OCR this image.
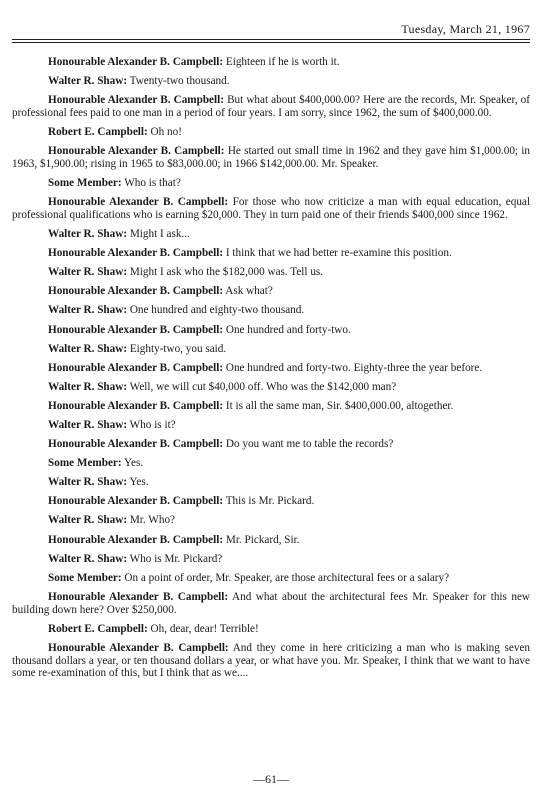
Tuesday, March 21, 1967

Honourable Alexander B. Campbell: Eighteen if he is worth it.

Walter R. Shaw: Twenty-two thousand.

Honourable Alexander B. Campbell: But what about $400,000.00? Here are the records, Mr. Speaker, of professional fees paid to one man in a period of four years. I am sorry, since 1962, the sum of $400,000.00.

Robert E. Campbell: Oh no!

Honourable Alexander B. Campbell: He started out small time in 1962 and they gave him $1,000.00; in 1963, $1,900.00; rising in 1965 to $83,000.00; in 1966 $142,000.00. Mr. Speaker.

Some Member: Who is that?

Honourable Alexander B. Campbell: For those who now criticize a man with equal education, equal professional qualifications who is earning $20,000. They in turn paid one of their friends $400,000 since 1962.

Walter R. Shaw: Might I ask...

Honourable Alexander B. Campbell: I think that we had better re-examine this position.

Walter R. Shaw: Might I ask who the $182,000 was. Tell us.

Honourable Alexander B. Campbell: Ask what?

Walter R. Shaw: One hundred and eighty-two thousand.

Honourable Alexander B. Campbell: One hundred and forty-two.

Walter R. Shaw: Eighty-two, you said.

Honourable Alexander B. Campbell: One hundred and forty-two. Eighty-three the year before.

Walter R. Shaw: Well, we will cut $40,000 off. Who was the $142,000 man?

Honourable Alexander B. Campbell: It is all the same man, Sir. $400,000.00, altogether.

Walter R. Shaw: Who is it?

Honourable Alexander B. Campbell: Do you want me to table the records?

Some Member: Yes.

Walter R. Shaw: Yes.

Honourable Alexander B. Campbell: This is Mr. Pickard.

Walter R. Shaw: Mr. Who?

Honourable Alexander B. Campbell: Mr. Pickard, Sir.

Walter R. Shaw: Who is Mr. Pickard?

Some Member: On a point of order, Mr. Speaker, are those architectural fees or a salary?

Honourable Alexander B. Campbell: And what about the architectural fees Mr. Speaker for this new building down here? Over $250,000.

Robert E. Campbell: Oh, dear, dear! Terrible!

Honourable Alexander B. Campbell: And they come in here criticizing a man who is making seven thousand dollars a year, or ten thousand dollars a year, or what have you. Mr. Speaker, I think that we want to have some re-examination of this, but I think that as we....

—61—
